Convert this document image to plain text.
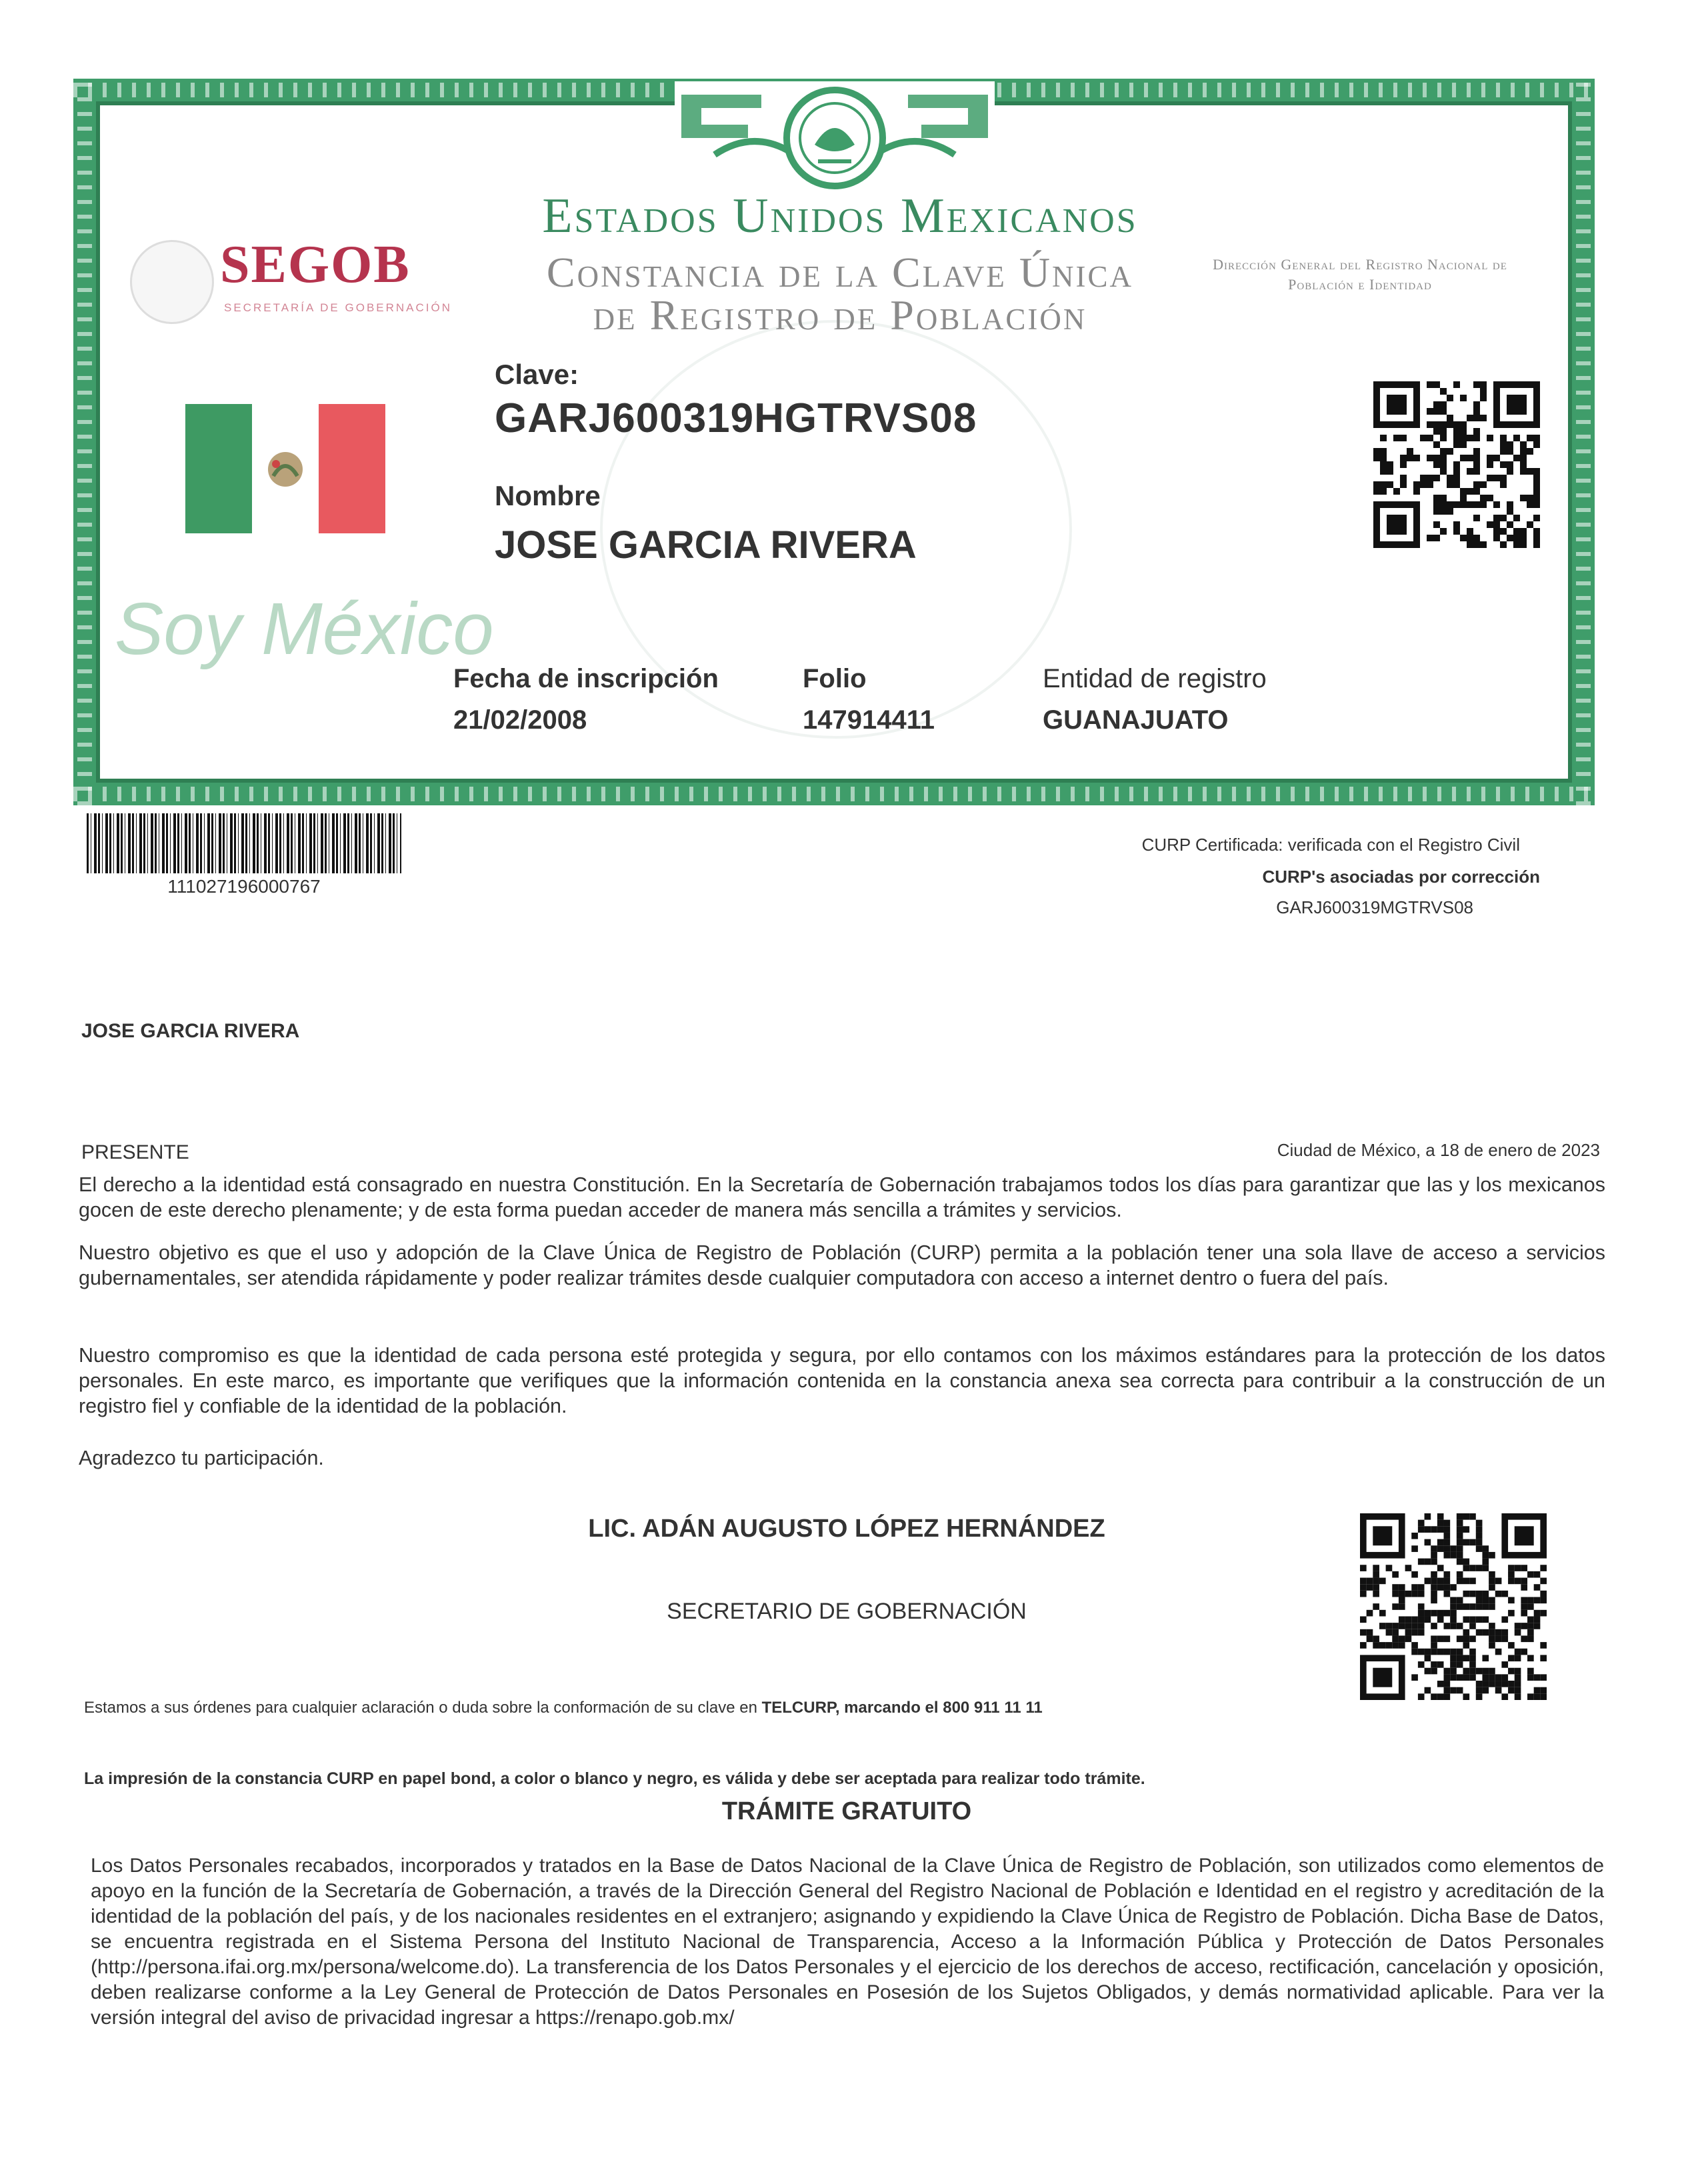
Estados Unidos Mexicanos
Constancia de la Clave Única
de Registro de Población
SEGOB
SECRETARÍA DE GOBERNACIÓN
Dirección General del Registro Nacional de Población e Identidad
Soy México
Clave:
GARJ600319HGTRVS08
Nombre
JOSE GARCIA RIVERA
Fecha de inscripción
21/02/2008
Folio
147914411
Entidad de registro
GUANAJUATO
111027196000767
CURP Certificada: verificada con el Registro Civil
CURP's asociadas por corrección
GARJ600319MGTRVS08
JOSE GARCIA RIVERA
PRESENTE	Ciudad de México, a 18 de enero de 2023
El derecho a la identidad está consagrado en nuestra Constitución. En la Secretaría de Gobernación trabajamos todos los días para garantizar que las y los mexicanos gocen de este derecho plenamente; y de esta forma puedan acceder de manera más sencilla a trámites y servicios.
Nuestro objetivo es que el uso y adopción de la Clave Única de Registro de Población (CURP) permita a la población tener una sola llave de acceso a servicios gubernamentales, ser atendida rápidamente y poder realizar trámites desde cualquier computadora con acceso a internet dentro o fuera del país.
Nuestro compromiso es que la identidad de cada persona esté protegida y segura, por ello contamos con los máximos estándares para la protección de los datos personales. En este marco, es importante que verifiques que la información contenida en la constancia anexa sea correcta para contribuir a la construcción de un registro fiel y confiable de la identidad de la población.
Agradezco tu participación.
LIC. ADÁN AUGUSTO LÓPEZ HERNÁNDEZ
SECRETARIO DE GOBERNACIÓN
Estamos a sus órdenes para cualquier aclaración o duda sobre la conformación de su clave en TELCURP, marcando el 800 911 11 11
La impresión de la constancia CURP en papel bond, a color o blanco y negro, es válida y debe ser aceptada para realizar todo trámite.
TRÁMITE GRATUITO
Los Datos Personales recabados, incorporados y tratados en la Base de Datos Nacional de la Clave Única de Registro de Población, son utilizados como elementos de apoyo en la función de la Secretaría de Gobernación, a través de la Dirección General del Registro Nacional de Población e Identidad en el registro y acreditación de la identidad de la población del país, y de los nacionales residentes en el extranjero; asignando y expidiendo la Clave Única de Registro de Población. Dicha Base de Datos, se encuentra registrada en el Sistema Persona del Instituto Nacional de Transparencia, Acceso a la Información Pública y Protección de Datos Personales (http://persona.ifai.org.mx/persona/welcome.do). La transferencia de los Datos Personales y el ejercicio de los derechos de acceso, rectificación, cancelación y oposición, deben realizarse conforme a la Ley General de Protección de Datos Personales en Posesión de los Sujetos Obligados, y demás normatividad aplicable. Para ver la versión integral del aviso de privacidad ingresar a https://renapo.gob.mx/
